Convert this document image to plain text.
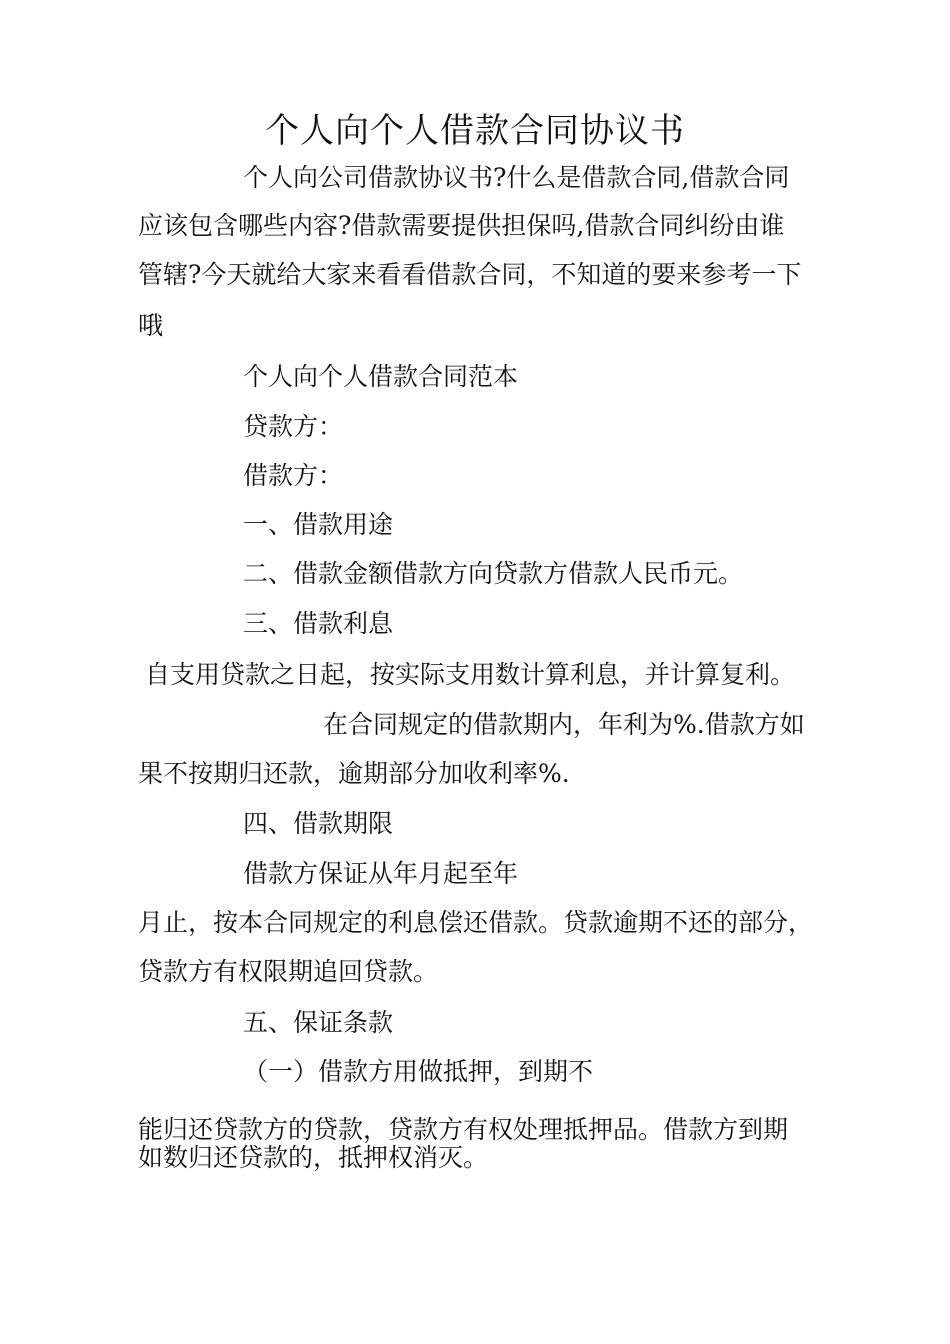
个人向个人借款合同协议书
个人向公司借款协议书?什么是借款合同,借款合同
应该包含哪些内容?借款需要提供担保吗,借款合同纠纷由谁
管辖?今天就给大家来看看借款合同，不知道的要来参考一下
哦
个人向个人借款合同范本
贷款方：
借款方：
一、借款用途
二、借款金额借款方向贷款方借款人民币元。
三、借款利息
自支用贷款之日起，按实际支用数计算利息，并计算复利。
在合同规定的借款期内，年利为%.借款方如
果不按期归还款，逾期部分加收利率%.
四、借款期限
借款方保证从年月起至年
月止，按本合同规定的利息偿还借款。贷款逾期不还的部分，
贷款方有权限期追回贷款。
五、保证条款
（一）借款方用做抵押，到期不
能归还贷款方的贷款，贷款方有权处理抵押品。借款方到期
如数归还贷款的，抵押权消灭。
